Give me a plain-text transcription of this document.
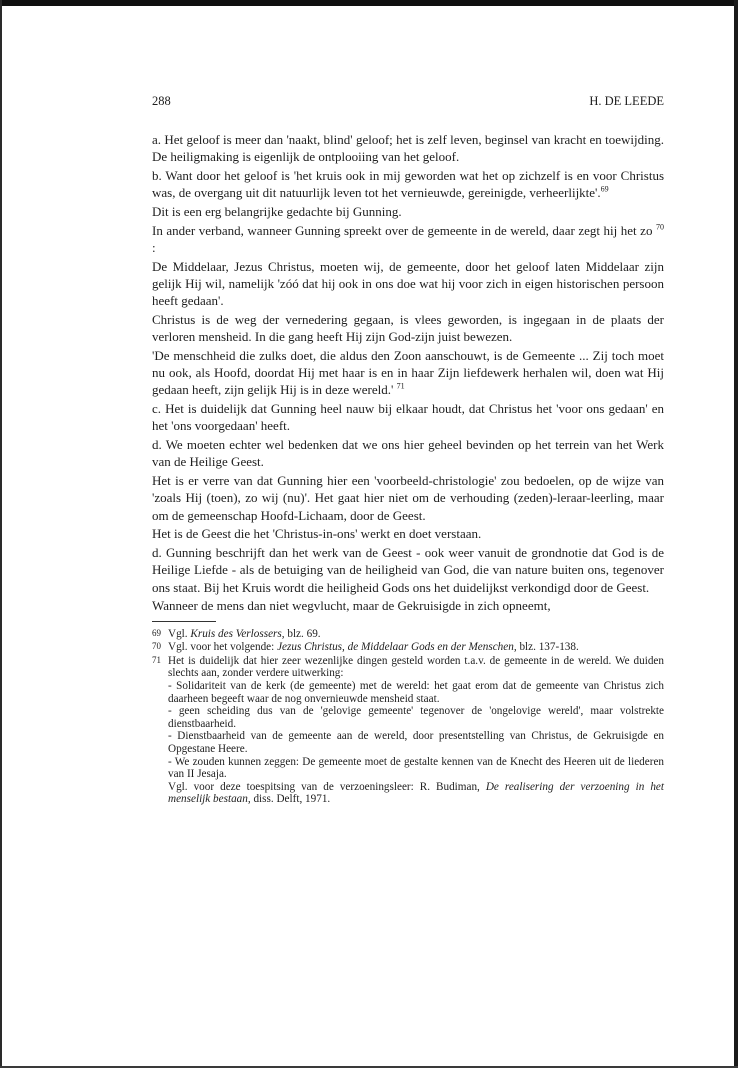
288	H. DE LEEDE

a. Het geloof is meer dan 'naakt, blind' geloof; het is zelf leven, beginsel van kracht en toewijding. De heiligmaking is eigenlijk de ontplooiing van het geloof.

b. Want door het geloof is 'het kruis ook in mij geworden wat het op zichzelf is en voor Christus was, de overgang uit dit natuurlijk leven tot het vernieuwde, gereinigde, verheerlijkte'.$^{69}$

Dit is een erg belangrijke gedachte bij Gunning.

In ander verband, wanneer Gunning spreekt over de gemeente in de wereld, daar zegt hij het zo $^{70}$ :

De Middelaar, Jezus Christus, moeten wij, de gemeente, door het geloof laten Middelaar zijn gelijk Hij wil, namelijk 'zóó dat hij ook in ons doe wat hij voor zich in eigen historischen persoon heeft gedaan'.

Christus is de weg der vernedering gegaan, is vlees geworden, is ingegaan in de plaats der verloren mensheid. In die gang heeft Hij zijn God-zijn juist bewezen.

'De menschheid die zulks doet, die aldus den Zoon aanschouwt, is de Gemeente ... Zij toch moet nu ook, als Hoofd, doordat Hij met haar is en in haar Zijn liefdewerk herhalen wil, doen wat Hij gedaan heeft, zijn gelijk Hij is in deze wereld.' $^{71}$

c. Het is duidelijk dat Gunning heel nauw bij elkaar houdt, dat Christus het 'voor ons gedaan' en het 'ons voorgedaan' heeft.

d. We moeten echter wel bedenken dat we ons hier geheel bevinden op het terrein van het Werk van de Heilige Geest.

Het is er verre van dat Gunning hier een 'voorbeeld-christologie' zou bedoelen, op de wijze van 'zoals Hij (toen), zo wij (nu)'. Het gaat hier niet om de verhouding (zeden)-leraar-leerling, maar om de gemeenschap Hoofd-Lichaam, door de Geest.

Het is de Geest die het 'Christus-in-ons' werkt en doet verstaan.

d. Gunning beschrijft dan het werk van de Geest - ook weer vanuit de grondnotie dat God is de Heilige Liefde - als de betuiging van de heiligheid van God, die van nature buiten ons, tegenover ons staat. Bij het Kruis wordt die heiligheid Gods ons het duidelijkst verkondigd door de Geest.

Wanneer de mens dan niet wegvlucht, maar de Gekruisigde in zich opneemt,

69 Vgl. Kruis des Verlossers, blz. 69.

70 Vgl. voor het volgende: Jezus Christus, de Middelaar Gods en der Menschen, blz. 137-138.

71 Het is duidelijk dat hier zeer wezenlijke dingen gesteld worden t.a.v. de gemeente in de wereld. We duiden slechts aan, zonder verdere uitwerking:

- Solidariteit van de kerk (de gemeente) met de wereld: het gaat erom dat de gemeente van Christus zich daarheen begeeft waar de nog onvernieuwde mensheid staat.

- geen scheiding dus van de 'gelovige gemeente' tegenover de 'ongelovige wereld', maar volstrekte dienstbaarheid.

- Dienstbaarheid van de gemeente aan de wereld, door presentstelling van Christus, de Gekruisigde en Opgestane Heere.

- We zouden kunnen zeggen: De gemeente moet de gestalte kennen van de Knecht des Heeren uit de liederen van II Jesaja.

Vgl. voor deze toespitsing van de verzoeningsleer: R. Budiman, De realisering der verzoening in het menselijk bestaan, diss. Delft, 1971.
